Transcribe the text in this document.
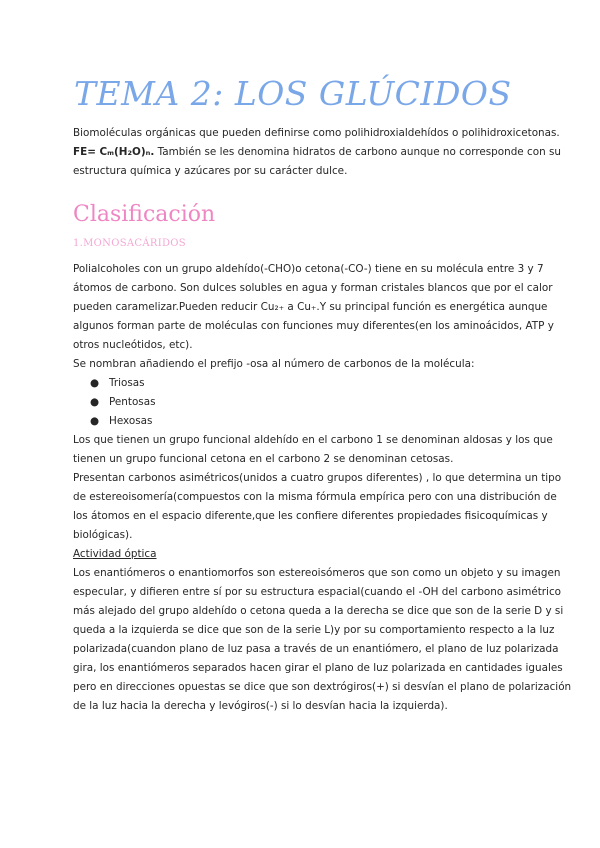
TEMA 2: LOS GLÚCIDOS

Biomoléculas orgánicas que pueden definirse como polihidroxialdehídos o polihidroxicetonas. FE= Cₘ(H₂O)ₙ. También se les denomina hidratos de carbono aunque no corresponde con su estructura química y azúcares por su carácter dulce.

Clasificación
1.MONOSACÁRIDOS

Polialcoholes con un grupo aldehído(-CHO)o cetona(-CO-) tiene en su molécula entre 3 y 7 átomos de carbono. Son dulces solubles en agua y forman cristales blancos que por el calor pueden caramelizar.Pueden reducir Cu₂₊ a Cu₊.Y su principal función es energética aunque algunos forman parte de moléculas con funciones muy diferentes(en los aminoácidos, ATP y otros nucleótidos, etc).

Se nombran añadiendo el prefijo -osa al número de carbonos de la molécula:

● Triosas
● Pentosas
● Hexosas

Los que tienen un grupo funcional aldehído en el carbono 1 se denominan aldosas y los que tienen un grupo funcional cetona en el carbono 2 se denominan cetosas.

Presentan carbonos asimétricos(unidos a cuatro grupos diferentes) , lo que determina un tipo de estereoisomería(compuestos con la misma fórmula empírica pero con una distribución de los átomos en el espacio diferente,que les confiere diferentes propiedades fisicoquímicas y biológicas).

Actividad óptica

Los enantiómeros o enantiomorfos son estereoisómeros que son como un objeto y su imagen especular, y difieren entre sí por su estructura espacial(cuando el -OH del carbono asimétrico más alejado del grupo aldehído o cetona queda a la derecha se dice que son de la serie D y si queda a la izquierda se dice que son de la serie L)y por su comportamiento respecto a la luz polarizada(cuandon plano de luz pasa a través de un enantiómero, el plano de luz polarizada gira, los enantiómeros separados hacen girar el plano de luz polarizada en cantidades iguales pero en direcciones opuestas se dice que son dextrógiros(+) si desvían el plano de polarización de la luz hacia la derecha y levógiros(-) si lo desvían hacia la izquierda).
